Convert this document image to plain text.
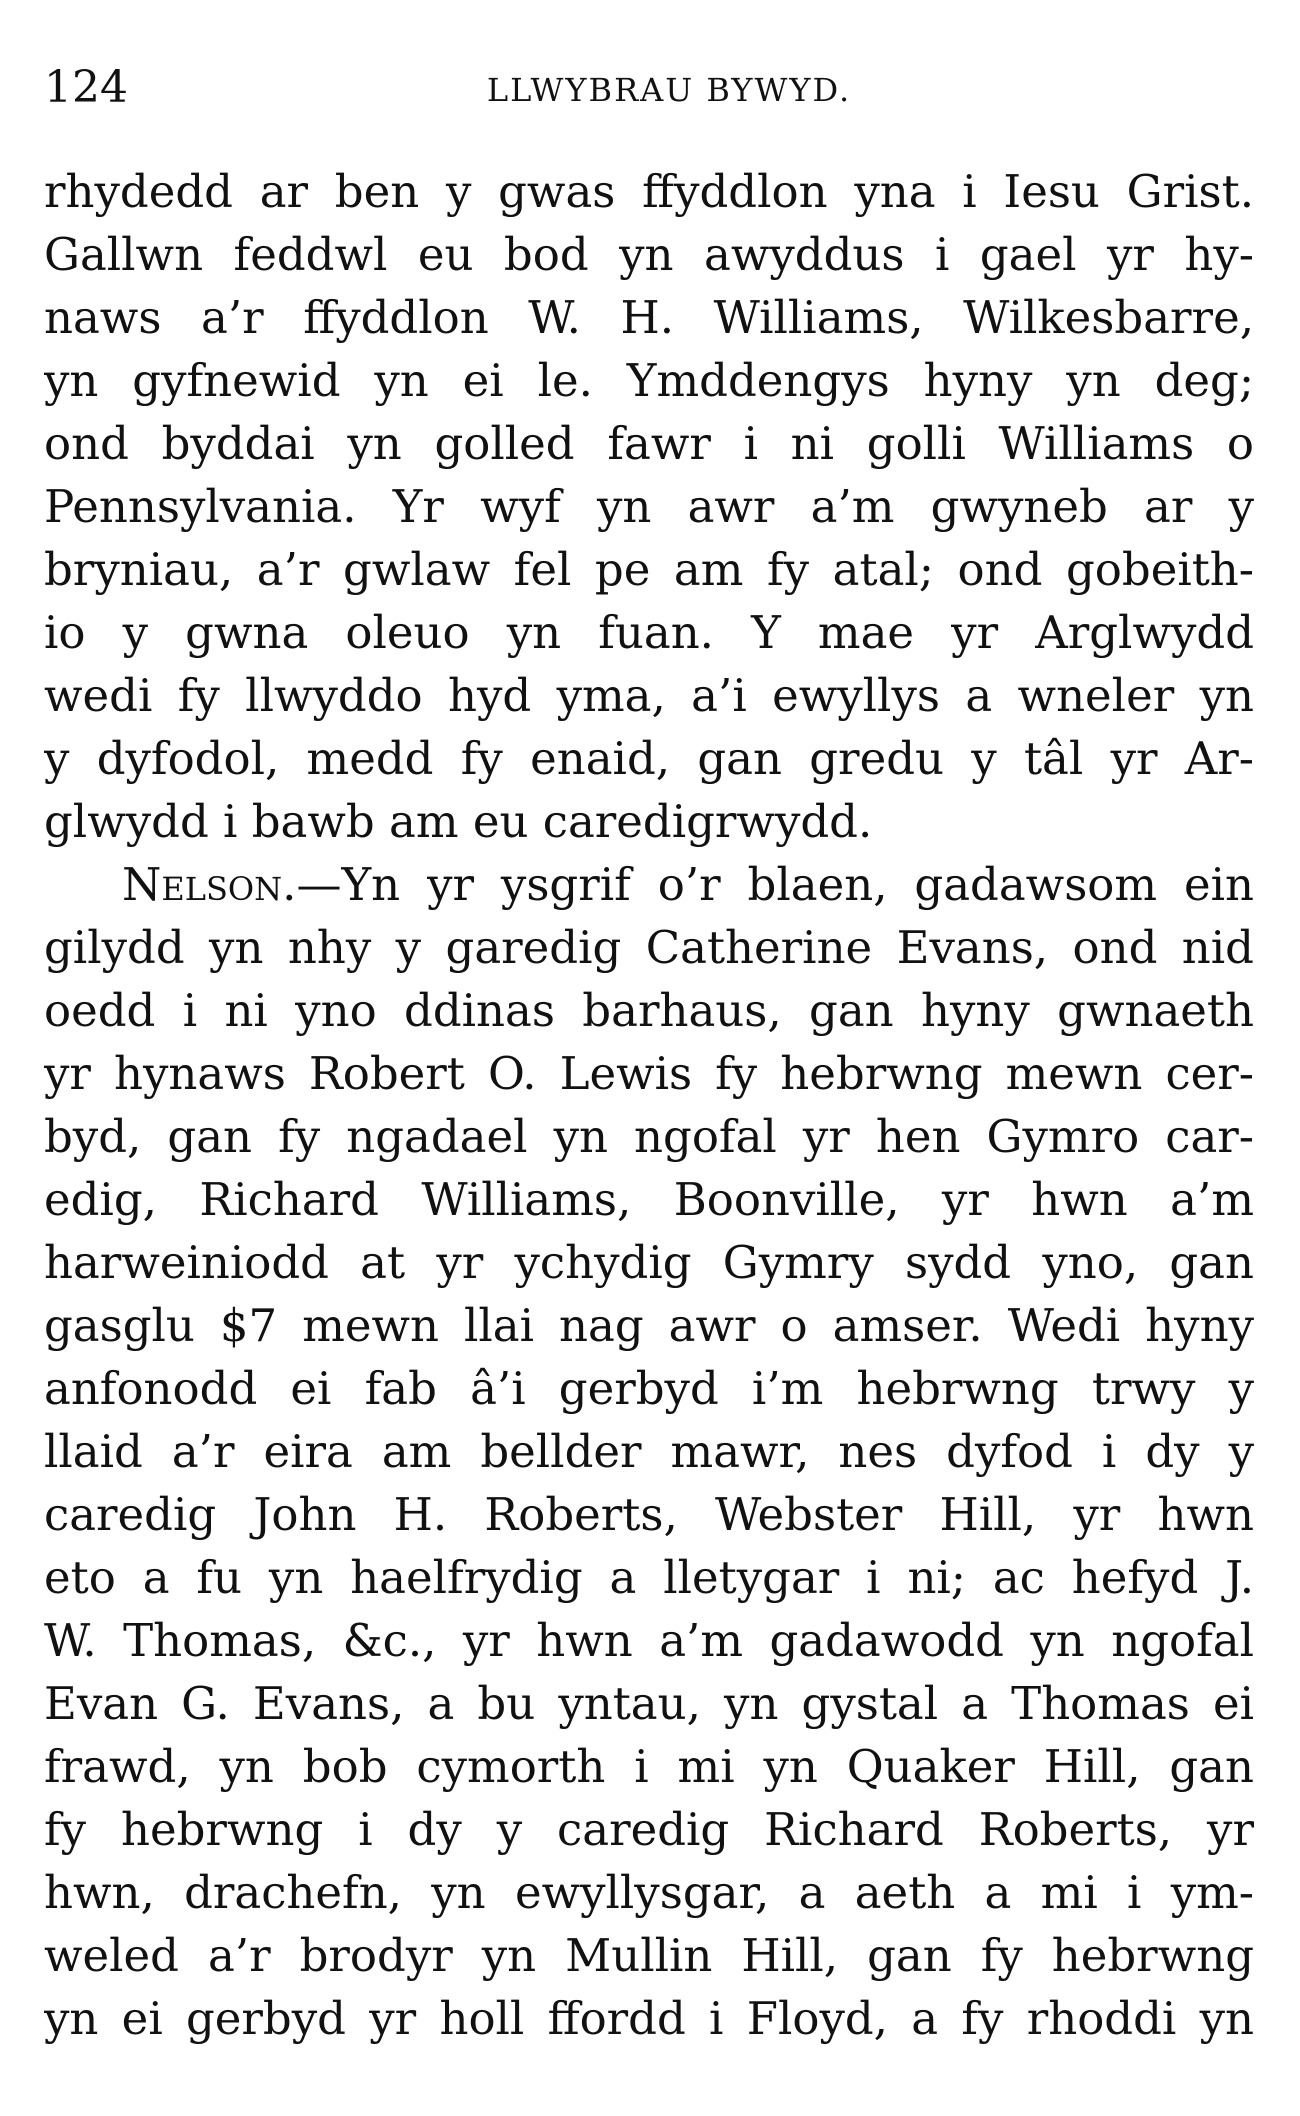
124	LLWYBRAU BYWYD.
rhydedd ar ben y gwas ffyddlon yna i Iesu Grist.
Gallwn feddwl eu bod yn awyddus i gael yr hy-
naws a’r ffyddlon W. H. Williams, Wilkesbarre,
yn gyfnewid yn ei le. Ymddengys hyny yn deg;
ond byddai yn golled fawr i ni golli Williams o
Pennsylvania. Yr wyf yn awr a’m gwyneb ar y
bryniau, a’r gwlaw fel pe am fy atal; ond gobeith-
io y gwna oleuo yn fuan. Y mae yr Arglwydd
wedi fy llwyddo hyd yma, a’i ewyllys a wneler yn
y dyfodol, medd fy enaid, gan gredu y tâl yr Ar-
glwydd i bawb am eu caredigrwydd.
Nelson.—Yn yr ysgrif o’r blaen, gadawsom ein
gilydd yn nhy y garedig Catherine Evans, ond nid
oedd i ni yno ddinas barhaus, gan hyny gwnaeth
yr hynaws Robert O. Lewis fy hebrwng mewn cer-
byd, gan fy ngadael yn ngofal yr hen Gymro car-
edig, Richard Williams, Boonville, yr hwn a’m
harweiniodd at yr ychydig Gymry sydd yno, gan
gasglu $7 mewn llai nag awr o amser. Wedi hyny
anfonodd ei fab â’i gerbyd i’m hebrwng trwy y
llaid a’r eira am bellder mawr, nes dyfod i dy y
caredig John H. Roberts, Webster Hill, yr hwn
eto a fu yn haelfrydig a lletygar i ni; ac hefyd J.
W. Thomas, &c., yr hwn a’m gadawodd yn ngofal
Evan G. Evans, a bu yntau, yn gystal a Thomas ei
frawd, yn bob cymorth i mi yn Quaker Hill, gan
fy hebrwng i dy y caredig Richard Roberts, yr
hwn, drachefn, yn ewyllysgar, a aeth a mi i ym-
weled a’r brodyr yn Mullin Hill, gan fy hebrwng
yn ei gerbyd yr holl ffordd i Floyd, a fy rhoddi yn
